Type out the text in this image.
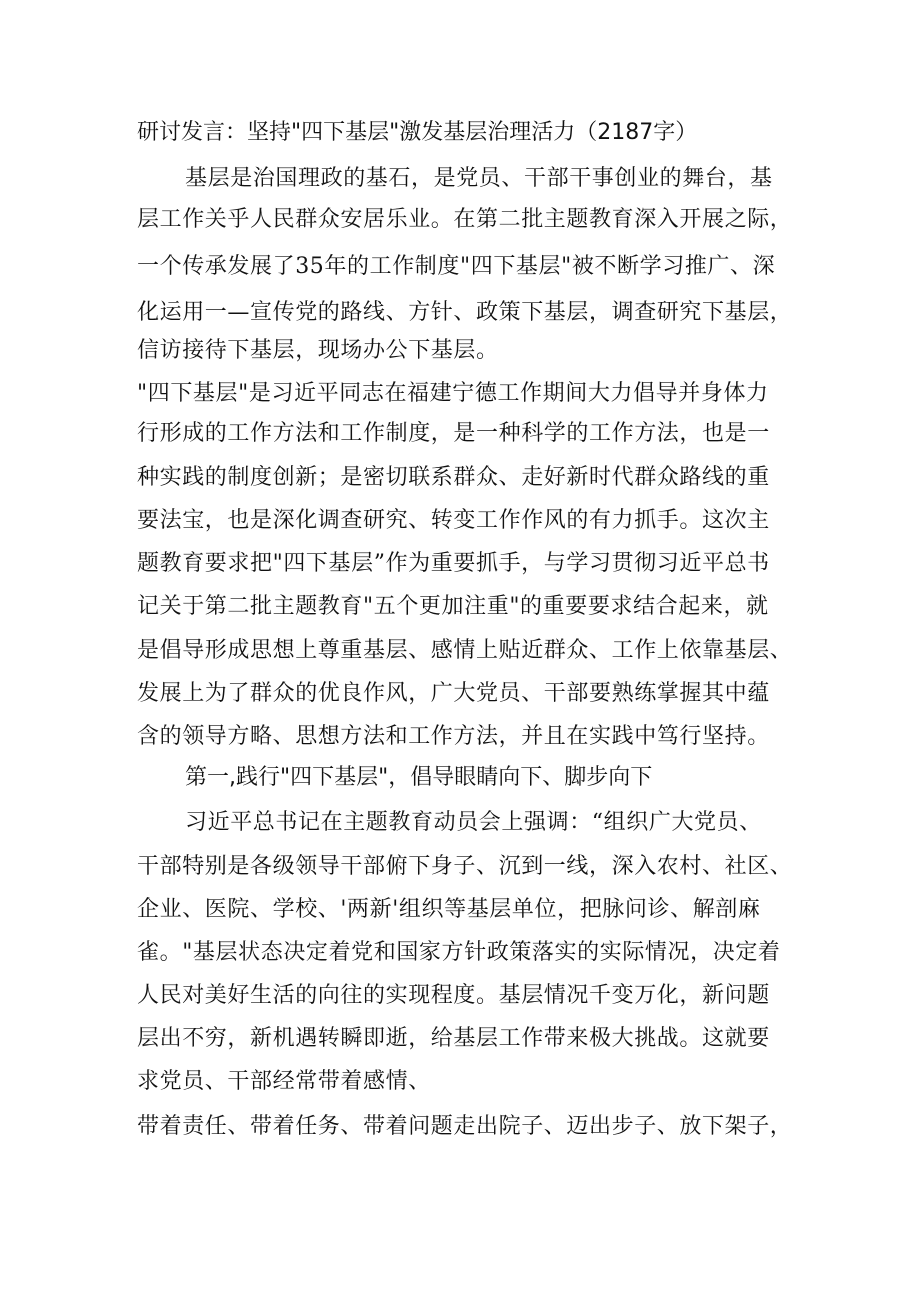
研讨发言：坚持"四下基层"激发基层治理活力（2187字）
基层是治国理政的基石，是党员、干部干事创业的舞台，基
层工作关乎人民群众安居乐业。在第二批主题教育深入开展之际，
一个传承发展了35年的工作制度"四下基层"被不断学习推广、深
化运用一—宣传党的路线、方针、政策下基层，调查研究下基层，
信访接待下基层，现场办公下基层。
"四下基层"是习近平同志在福建宁德工作期间大力倡导并身体力
行形成的工作方法和工作制度，是一种科学的工作方法，也是一
种实践的制度创新；是密切联系群众、走好新时代群众路线的重
要法宝，也是深化调查研究、转变工作作风的有力抓手。这次主
题教育要求把"四下基层”作为重要抓手，与学习贯彻习近平总书
记关于第二批主题教育"五个更加注重"的重要要求结合起来，就
是倡导形成思想上尊重基层、感情上贴近群众、工作上依靠基层、
发展上为了群众的优良作风，广大党员、干部要熟练掌握其中蕴
含的领导方略、思想方法和工作方法，并且在实践中笃行坚持。
第一,践行"四下基层"，倡导眼睛向下、脚步向下
习近平总书记在主题教育动员会上强调：“组织广大党员、
干部特别是各级领导干部俯下身子、沉到一线，深入农村、社区、
企业、医院、学校、'两新'组织等基层单位，把脉问诊、解剖麻
雀。"基层状态决定着党和国家方针政策落实的实际情况，决定着
人民对美好生活的向往的实现程度。基层情况千变万化，新问题
层出不穷，新机遇转瞬即逝，给基层工作带来极大挑战。这就要
求党员、干部经常带着感情、
带着责任、带着任务、带着问题走出院子、迈出步子、放下架子，
